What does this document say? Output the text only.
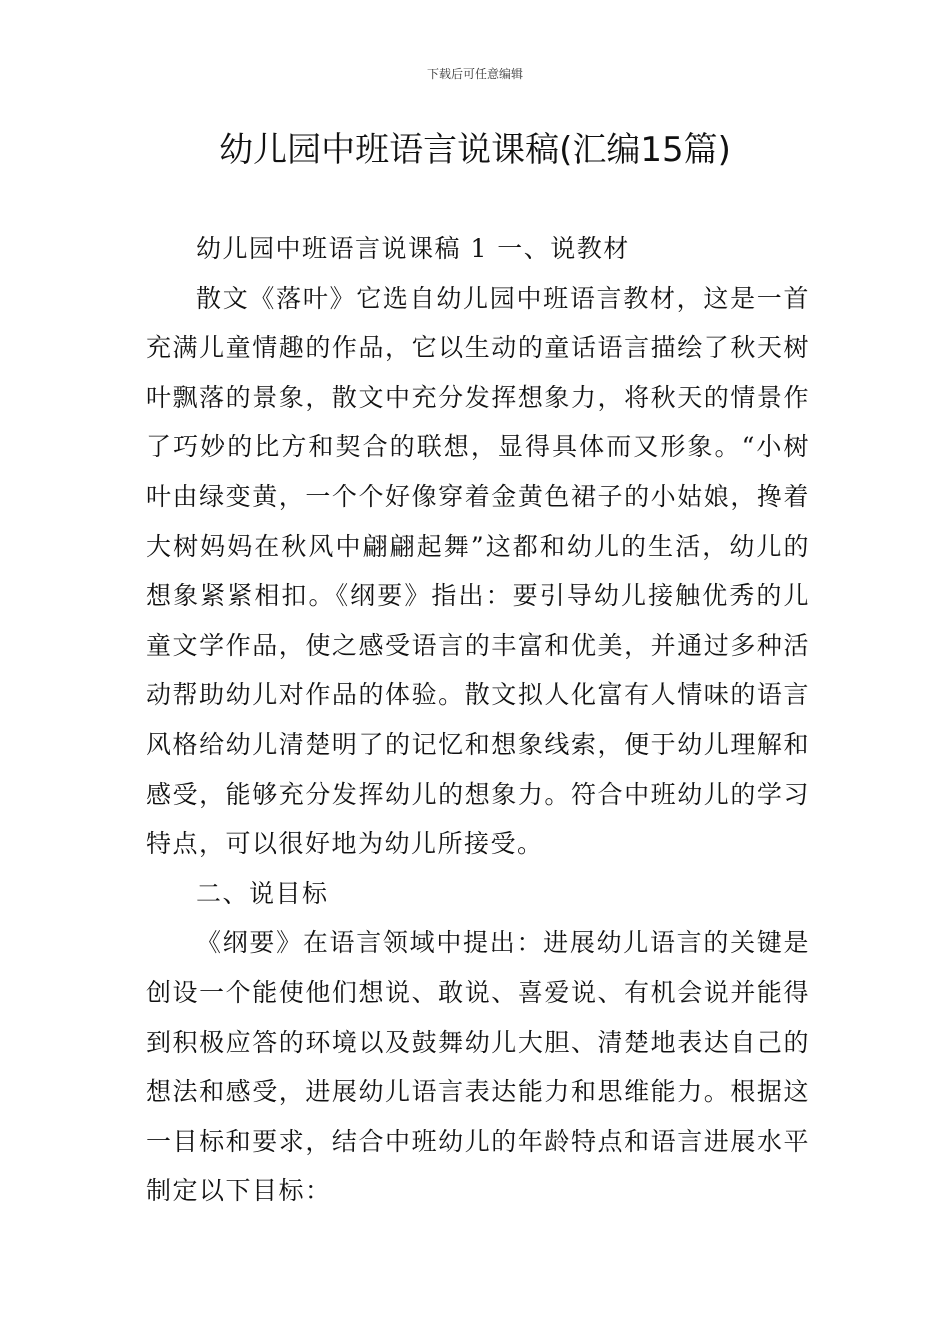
下载后可任意编辑
幼儿园中班语言说课稿(汇编15篇)

幼儿园中班语言说课稿 1 一、说教材

散文《落叶》它选自幼儿园中班语言教材，这是一首充满儿童情趣的作品，它以生动的童话语言描绘了秋天树叶飘落的景象，散文中充分发挥想象力，将秋天的情景作了巧妙的比方和契合的联想，显得具体而又形象。“小树叶由绿变黄，一个个好像穿着金黄色裙子的小姑娘，搀着大树妈妈在秋风中翩翩起舞”这都和幼儿的生活，幼儿的想象紧紧相扣。《纲要》指出：要引导幼儿接触优秀的儿童文学作品，使之感受语言的丰富和优美，并通过多种活动帮助幼儿对作品的体验。散文拟人化富有人情味的语言风格给幼儿清楚明了的记忆和想象线索，便于幼儿理解和感受，能够充分发挥幼儿的想象力。符合中班幼儿的学习特点，可以很好地为幼儿所接受。

二、说目标

《纲要》在语言领域中提出：进展幼儿语言的关键是创设一个能使他们想说、敢说、喜爱说、有机会说并能得到积极应答的环境以及鼓舞幼儿大胆、清楚地表达自己的想法和感受，进展幼儿语言表达能力和思维能力。根据这一目标和要求，结合中班幼儿的年龄特点和语言进展水平制定以下目标：
